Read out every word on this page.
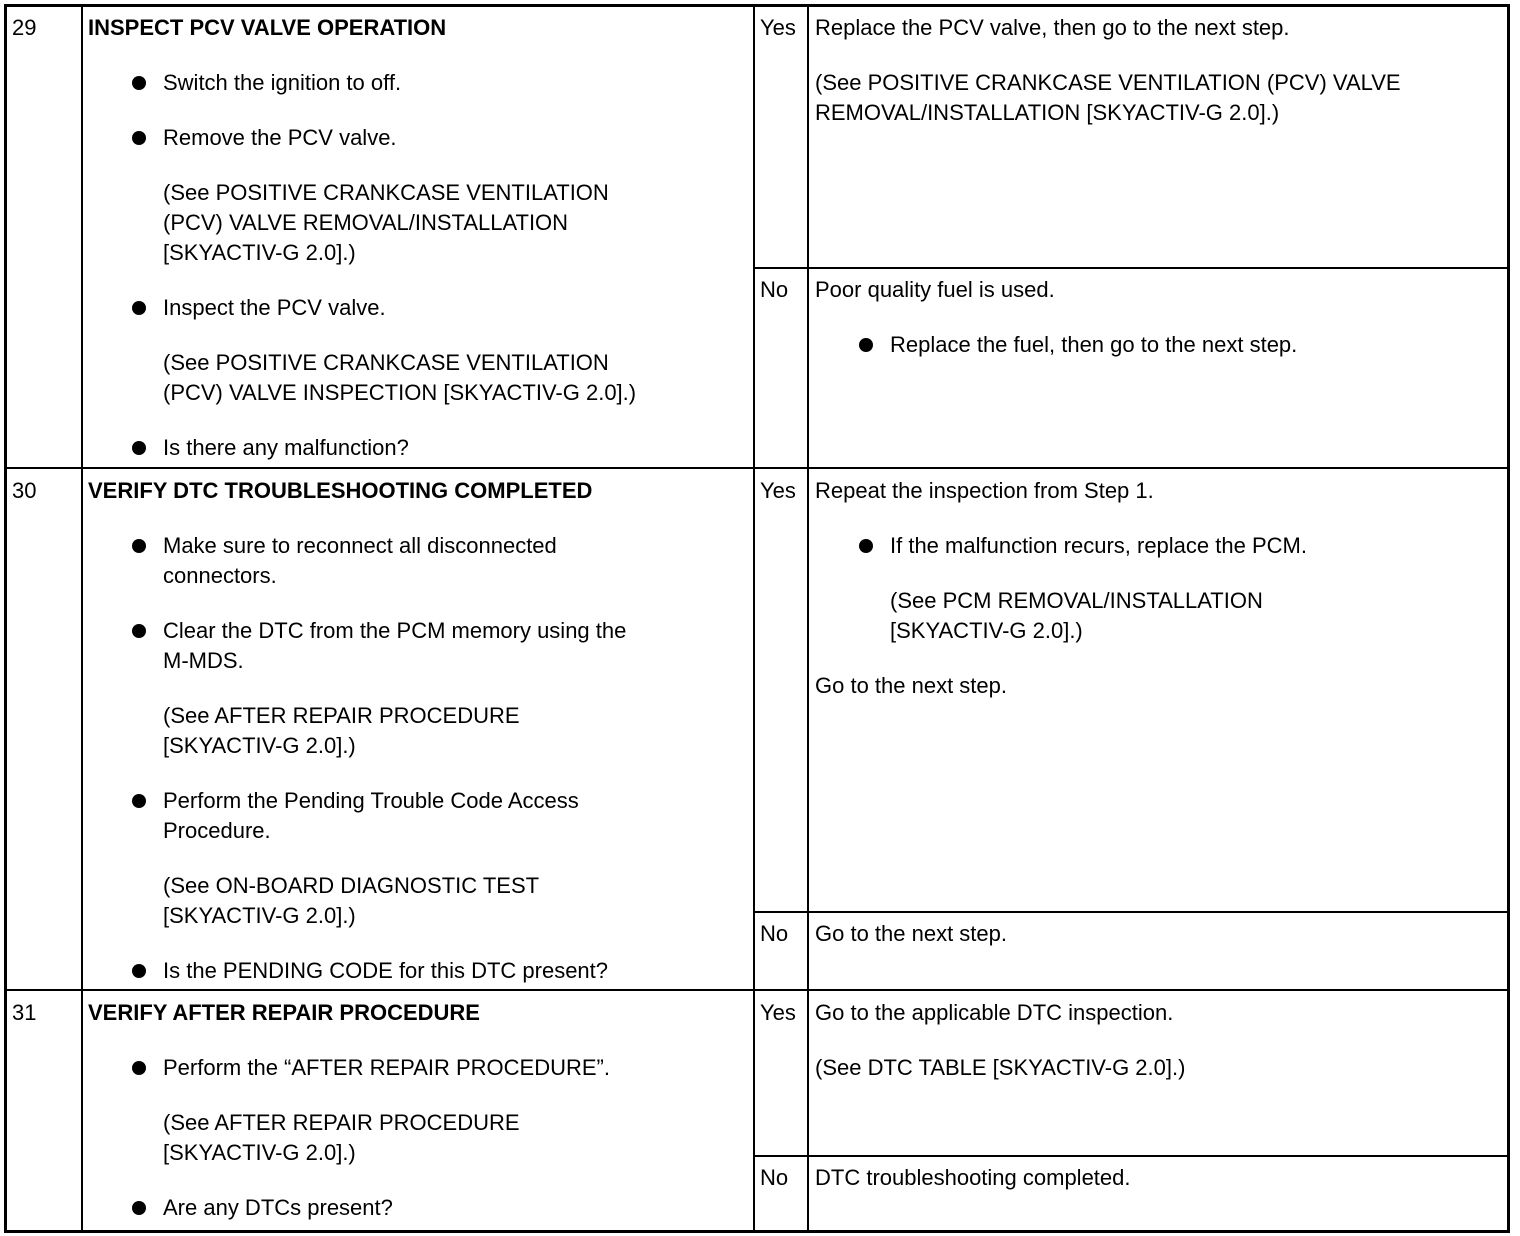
29 INSPECT PCV VALVE OPERATION
Switch the ignition to off.
Remove the PCV valve.
(See POSITIVE CRANKCASE VENTILATION
(PCV) VALVE REMOVAL/INSTALLATION
[SKYACTIV-G 2.0].)
Inspect the PCV valve.
(See POSITIVE CRANKCASE VENTILATION
(PCV) VALVE INSPECTION [SKYACTIV-G 2.0].)
Is there any malfunction?
Yes Replace the PCV valve, then go to the next step.
(See POSITIVE CRANKCASE VENTILATION (PCV) VALVE
REMOVAL/INSTALLATION [SKYACTIV-G 2.0].)
No Poor quality fuel is used.
Replace the fuel, then go to the next step.
30 VERIFY DTC TROUBLESHOOTING COMPLETED
Make sure to reconnect all disconnected
connectors.
Clear the DTC from the PCM memory using the
M-MDS.
(See AFTER REPAIR PROCEDURE
[SKYACTIV-G 2.0].)
Perform the Pending Trouble Code Access
Procedure.
(See ON-BOARD DIAGNOSTIC TEST
[SKYACTIV-G 2.0].)
Is the PENDING CODE for this DTC present?
Yes Repeat the inspection from Step 1.
If the malfunction recurs, replace the PCM.
(See PCM REMOVAL/INSTALLATION
[SKYACTIV-G 2.0].)
Go to the next step.
No Go to the next step.
31 VERIFY AFTER REPAIR PROCEDURE
Perform the “AFTER REPAIR PROCEDURE”.
(See AFTER REPAIR PROCEDURE
[SKYACTIV-G 2.0].)
Are any DTCs present?
Yes Go to the applicable DTC inspection.
(See DTC TABLE [SKYACTIV-G 2.0].)
No DTC troubleshooting completed.
